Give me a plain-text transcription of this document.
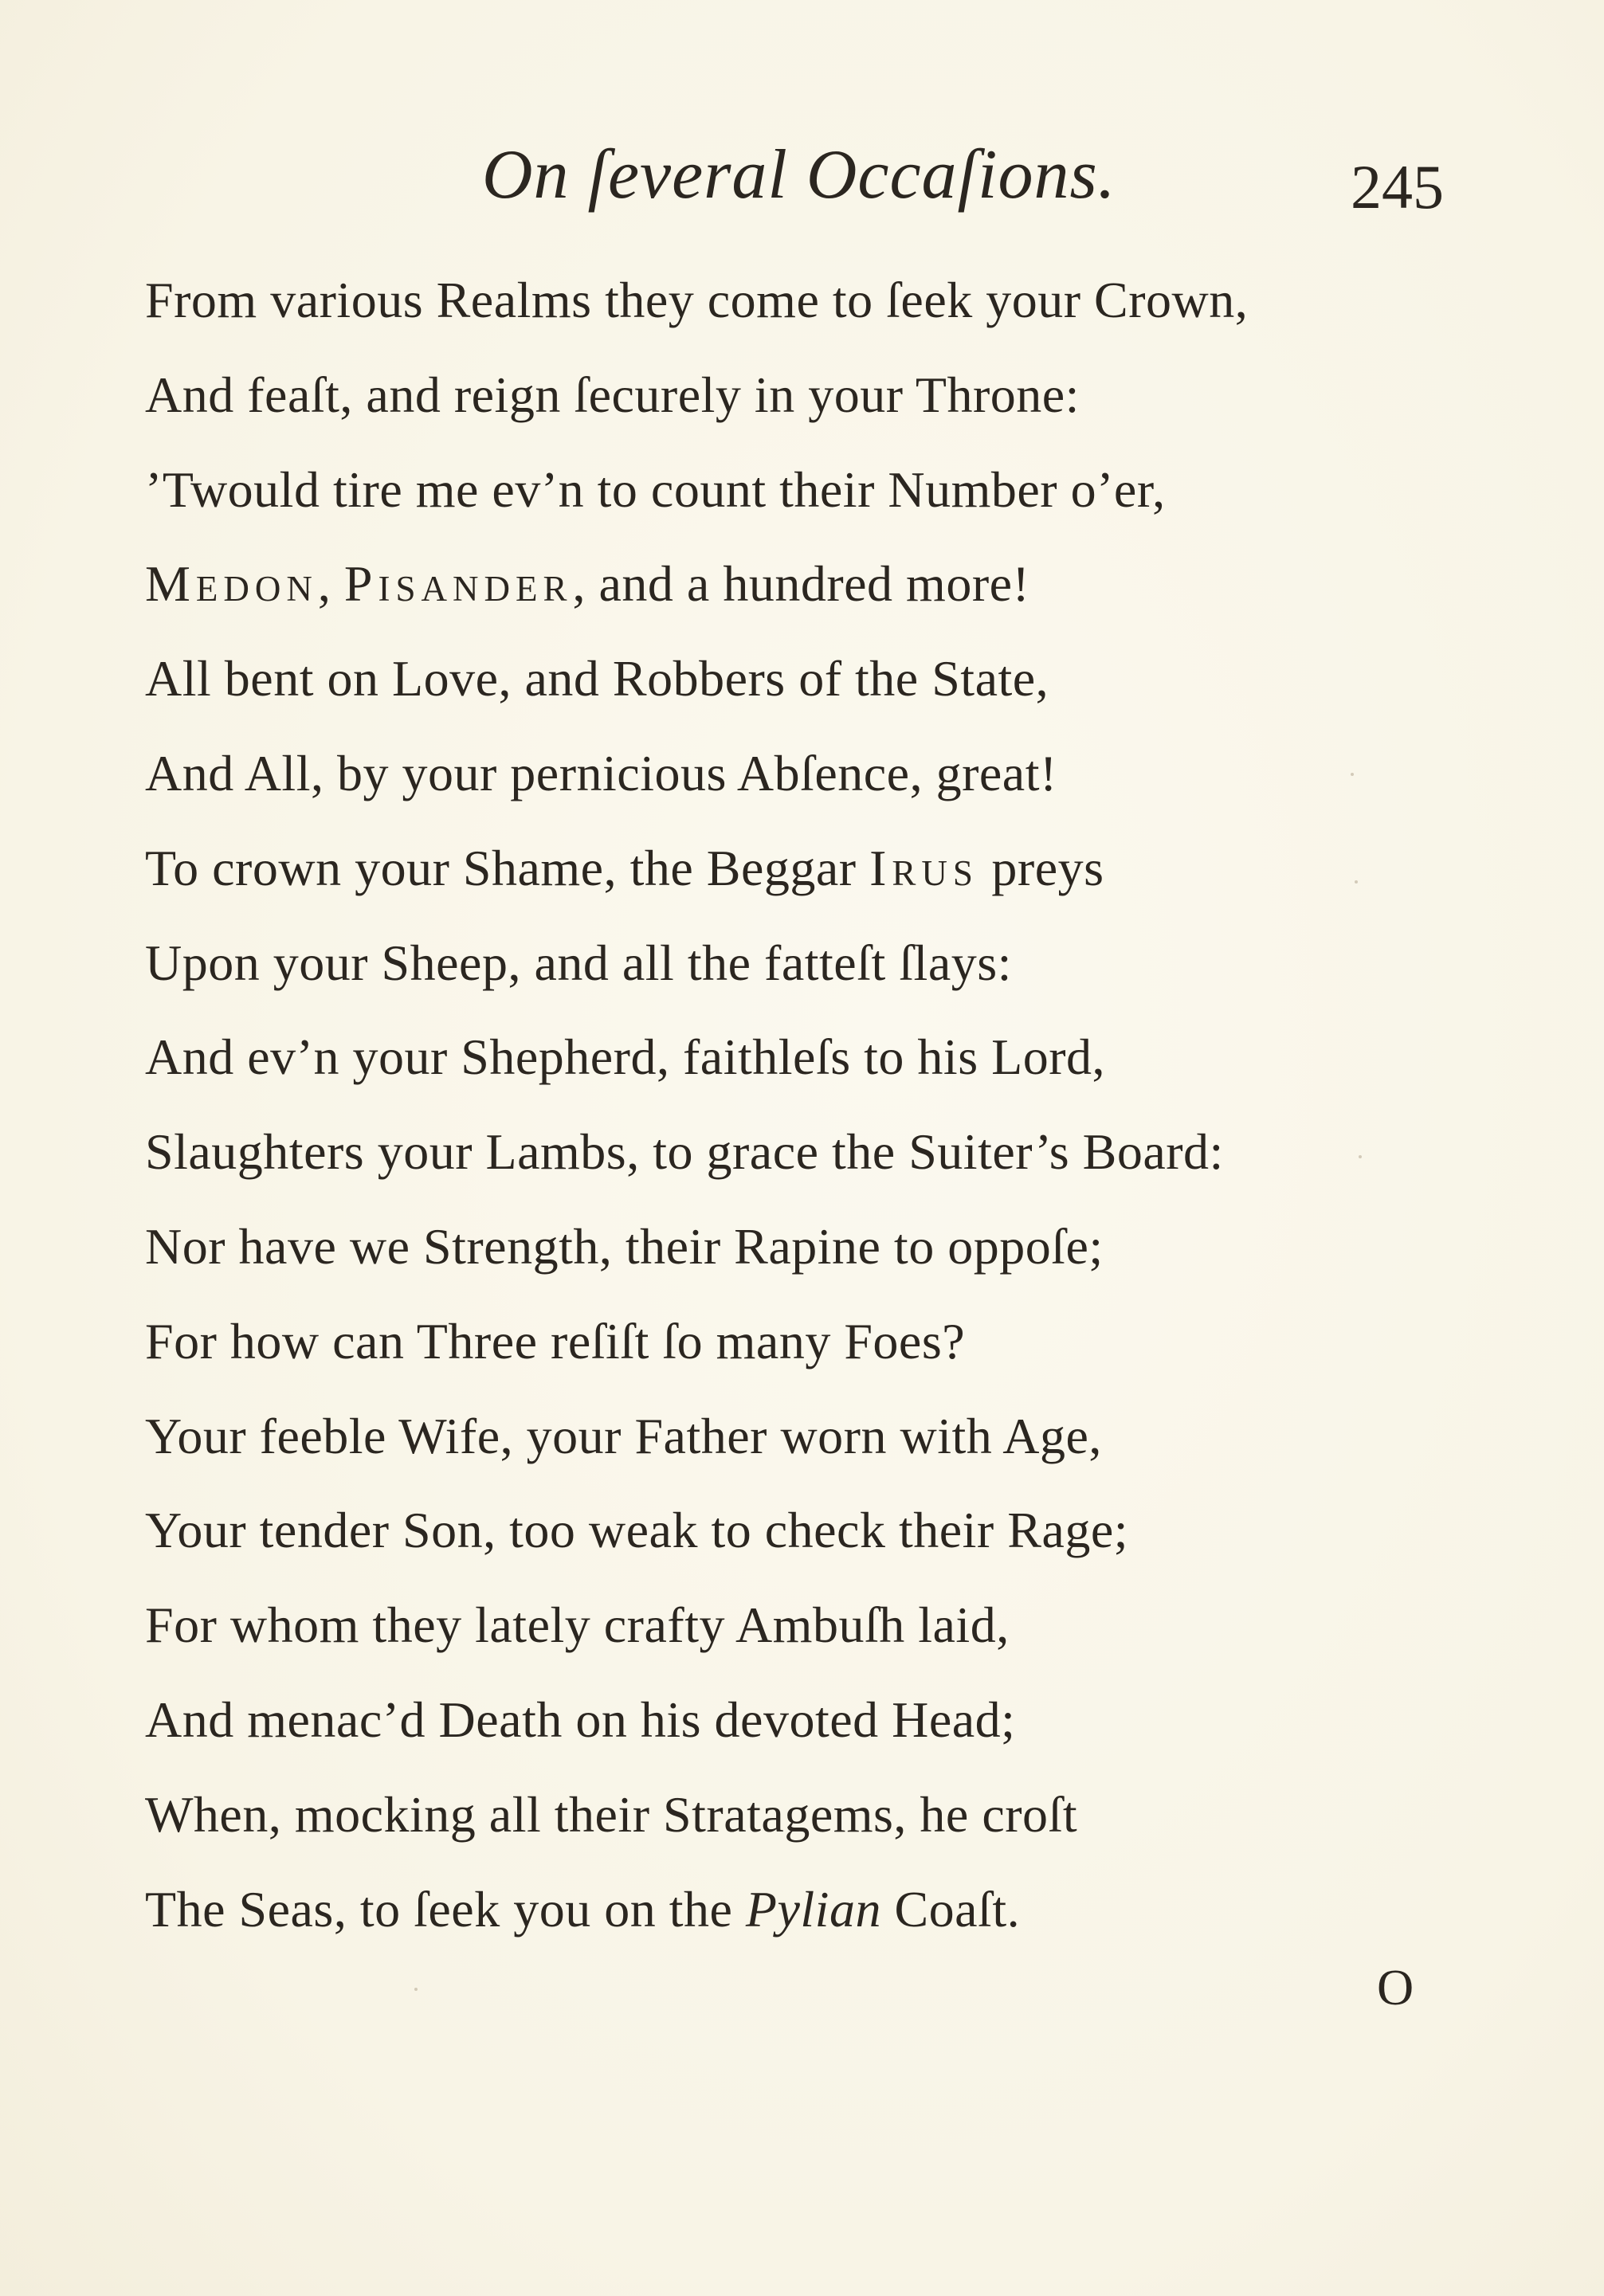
On ſeveral Occaſions.	245
From various Realms they come to ſeek your Crown,
And feaſt, and reign ſecurely in your Throne:
’Twould tire me ev’n to count their Number o’er,
Medon, Pisander, and a hundred more!
All bent on Love, and Robbers of the State,
And All, by your pernicious Abſence, great!
To crown your Shame, the Beggar Irus preys
Upon your Sheep, and all the fatteſt ſlays:
And ev’n your Shepherd, faithleſs to his Lord,
Slaughters your Lambs, to grace the Suiter’s Board:
Nor have we Strength, their Rapine to oppoſe;
For how can Three reſiſt ſo many Foes?
Your feeble Wife, your Father worn with Age,
Your tender Son, too weak to check their Rage;
For whom they lately crafty Ambuſh laid,
And menac’d Death on his devoted Head;
When, mocking all their Stratagems, he croſt
The Seas, to ſeek you on the Pylian Coaſt.
O
